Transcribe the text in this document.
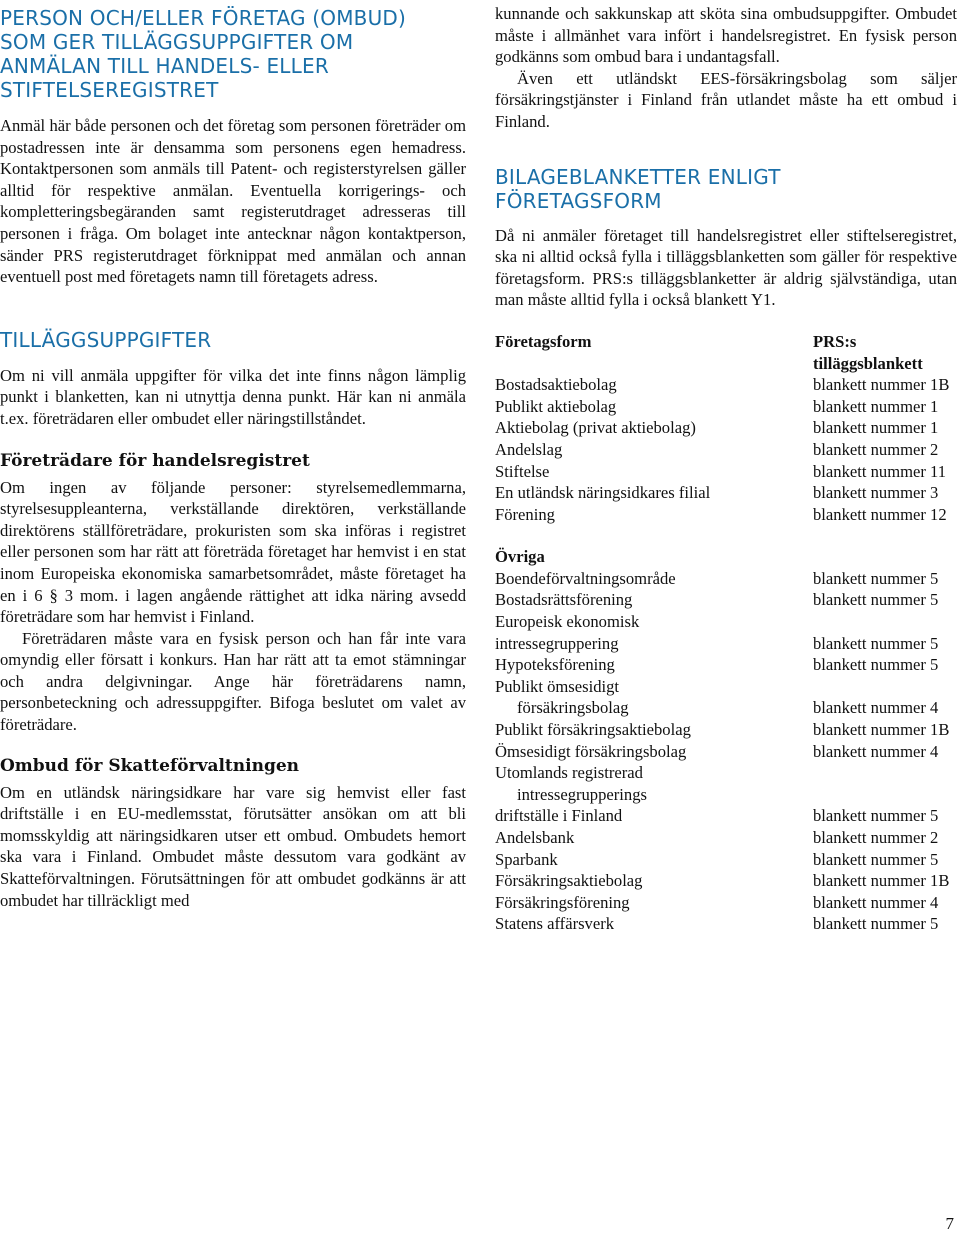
PERSON OCH/ELLER FÖRETAG (OMBUD)
SOM GER TILLÄGGSUPPGIFTER OM
ANMÄLAN TILL HANDELS- ELLER
STIFTELSEREGISTRET

Anmäl här både personen och det företag som personen företräder om postadressen inte är densamma som personens egen hemadress. Kontaktpersonen som anmäls till Patent- och registerstyrelsen gäller alltid för respektive anmälan. Eventuella korrigerings- och kompletteringsbegäranden samt registerutdraget adresseras till personen i fråga. Om bolaget inte antecknar någon kontaktperson, sänder PRS registerutdraget förknippat med anmälan och annan eventuell post med företagets namn till företagets adress.

TILLÄGGSUPPGIFTER

Om ni vill anmäla uppgifter för vilka det inte finns någon lämplig punkt i blanketten, kan ni utnyttja denna punkt. Här kan ni anmäla t.ex. företrädaren eller ombudet eller näringstillståndet.

Företrädare för handelsregistret

Om ingen av följande personer: styrelsemedlemmarna, styrelsesuppleanterna, verkställande direktören, verkställande direktörens ställföreträdare, prokuristen som ska införas i registret eller personen som har rätt att företräda företaget har hemvist i en stat inom Europeiska ekonomiska samarbetsområdet, måste företaget ha en i 6 § 3 mom. i lagen angående rättighet att idka näring avsedd företrädare som har hemvist i Finland.

Företrädaren måste vara en fysisk person och han får inte vara omyndig eller försatt i konkurs. Han har rätt att ta emot stämningar och andra delgivningar. Ange här företrädarens namn, personbeteckning och adressuppgifter. Bifoga beslutet om valet av företrädare.

Ombud för Skatteförvaltningen

Om en utländsk näringsidkare har vare sig hemvist eller fast driftställe i en EU-medlemsstat, förutsätter ansökan om att bli momsskyldig att näringsidkaren utser ett ombud. Ombudets hemort ska vara i Finland. Ombudet måste dessutom vara godkänt av Skatteförvaltningen. Förutsättningen för att ombudet godkänns är att ombudet har tillräckligt med

kunnande och sakkunskap att sköta sina ombudsuppgifter. Ombudet måste i allmänhet vara infört i handelsregistret. En fysisk person godkänns som ombud bara i undantagsfall.

Även ett utländskt EES-försäkringsbolag som säljer försäkringstjänster i Finland från utlandet måste ha ett ombud i Finland.

BILAGEBLANKETTER ENLIGT
FÖRETAGSFORM

Då ni anmäler företaget till handelsregistret eller stiftelseregistret, ska ni alltid också fylla i tilläggsblanketten som gäller för respektive företagsform. PRS:s tilläggsblanketter är aldrig självständiga, utan man måste alltid fylla i också blankett Y1.

Företagsform	PRS:s
tilläggsblankett

Bostadsaktiebolag	blankett nummer 1B
Publikt aktiebolag	blankett nummer 1
Aktiebolag (privat aktiebolag)	blankett nummer 1
Andelslag	blankett nummer 2
Stiftelse	blankett nummer 11
En utländsk näringsidkares filial	blankett nummer 3
Förening	blankett nummer 12

Övriga	
Boendeförvaltningsområde	blankett nummer 5
Bostadsrättsförening	blankett nummer 5
Europeisk ekonomisk	
intressegruppering	blankett nummer 5
Hypoteksförening	blankett nummer 5
Publikt ömsesidigt	
försäkringsbolag	blankett nummer 4
Publikt försäkringsaktiebolag	blankett nummer 1B
Ömsesidigt försäkringsbolag	blankett nummer 4
Utomlands registrerad	
intressegrupperings	
driftställe i Finland	blankett nummer 5
Andelsbank	blankett nummer 2
Sparbank	blankett nummer 5
Försäkringsaktiebolag	blankett nummer 1B
Försäkringsförening	blankett nummer 4
Statens affärsverk	blankett nummer 5
7
